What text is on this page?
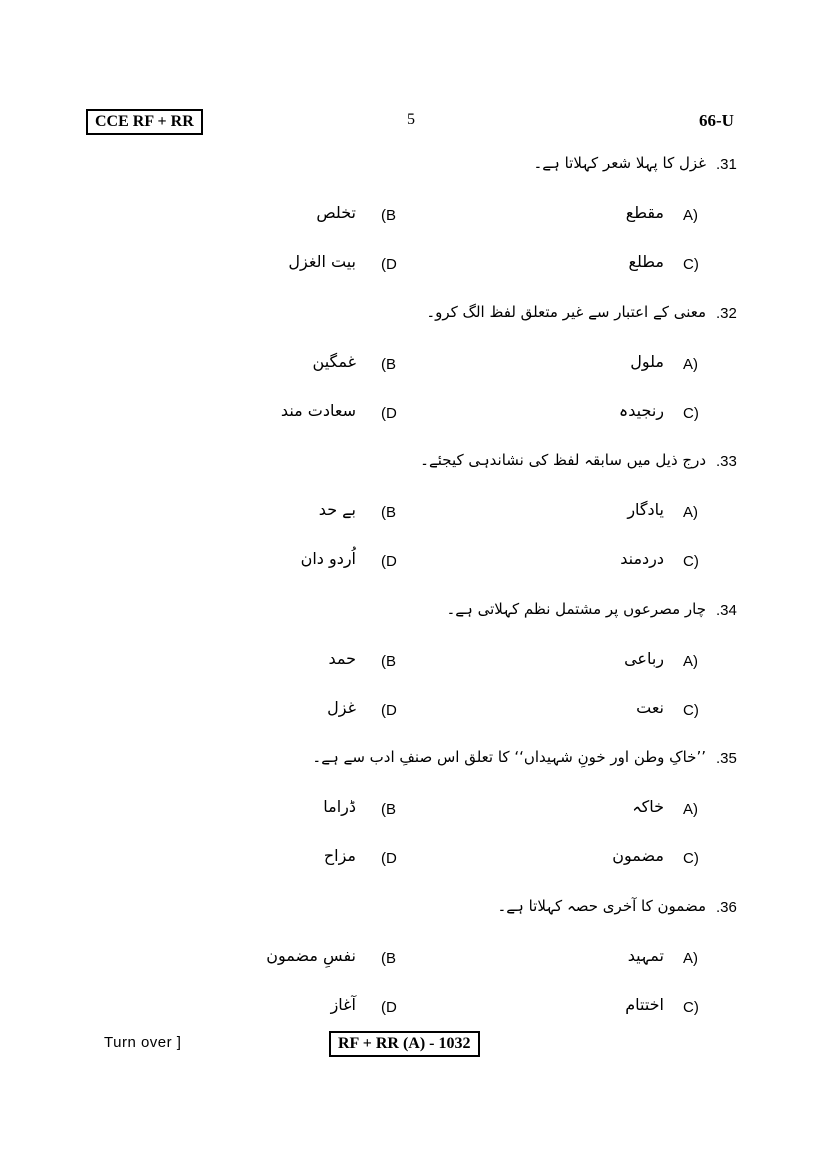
CCE RF + RR	5	66-U
.31
غزل کا پہلا شعر کہلاتا ہے۔
A)
مقطع
(B
تخلص
C)
مطلع
(D
بیت الغزل
.32
معنی کے اعتبار سے غیر متعلق لفظ الگ کرو۔
A)
ملول
(B
غمگین
C)
رنجیدہ
(D
سعادت مند
.33
درج ذیل میں سابقہ لفظ کی نشاندہی کیجئے۔
A)
یادگار
(B
بے حد
C)
دردمند
(D
اُردو دان
.34
چار مصرعوں پر مشتمل نظم کہلاتی ہے۔
A)
رباعی
(B
حمد
C)
نعت
(D
غزل
.35
’’خاکِ وطن اور خونِ شہیداں‘‘ کا تعلق اس صنفِ ادب سے ہے۔
A)
خاکہ
(B
ڈراما
C)
مضمون
(D
مزاح
.36
مضمون کا آخری حصہ کہلاتا ہے۔
A)
تمہید
(B
نفسِ مضمون
C)
اختتام
(D
آغاز
Turn over ]	RF + RR (A) - 1032
